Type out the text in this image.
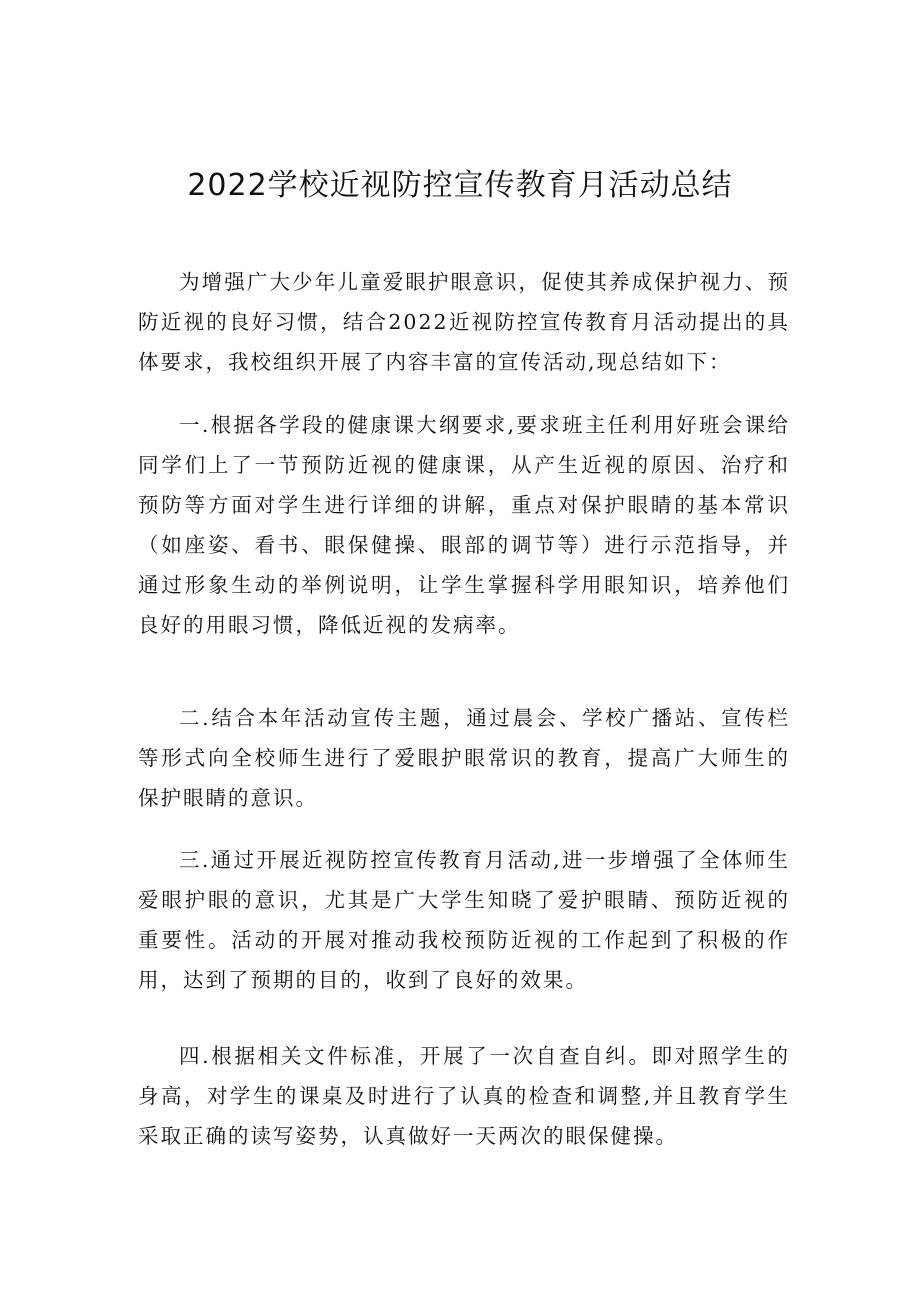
2022学校近视防控宣传教育月活动总结

为增强广大少年儿童爱眼护眼意识，促使其养成保护视力、预防近视的良好习惯，结合2022近视防控宣传教育月活动提出的具体要求，我校组织开展了内容丰富的宣传活动,现总结如下：

一.根据各学段的健康课大纲要求,要求班主任利用好班会课给同学们上了一节预防近视的健康课，从产生近视的原因、治疗和预防等方面对学生进行详细的讲解，重点对保护眼睛的基本常识（如座姿、看书、眼保健操、眼部的调节等）进行示范指导，并通过形象生动的举例说明，让学生掌握科学用眼知识，培养他们良好的用眼习惯，降低近视的发病率。

二.结合本年活动宣传主题，通过晨会、学校广播站、宣传栏等形式向全校师生进行了爱眼护眼常识的教育，提高广大师生的保护眼睛的意识。

三.通过开展近视防控宣传教育月活动,进一步增强了全体师生爱眼护眼的意识，尤其是广大学生知晓了爱护眼睛、预防近视的重要性。活动的开展对推动我校预防近视的工作起到了积极的作用，达到了预期的目的，收到了良好的效果。

四.根据相关文件标准，开展了一次自查自纠。即对照学生的身高，对学生的课桌及时进行了认真的检查和调整,并且教育学生采取正确的读写姿势，认真做好一天两次的眼保健操。
